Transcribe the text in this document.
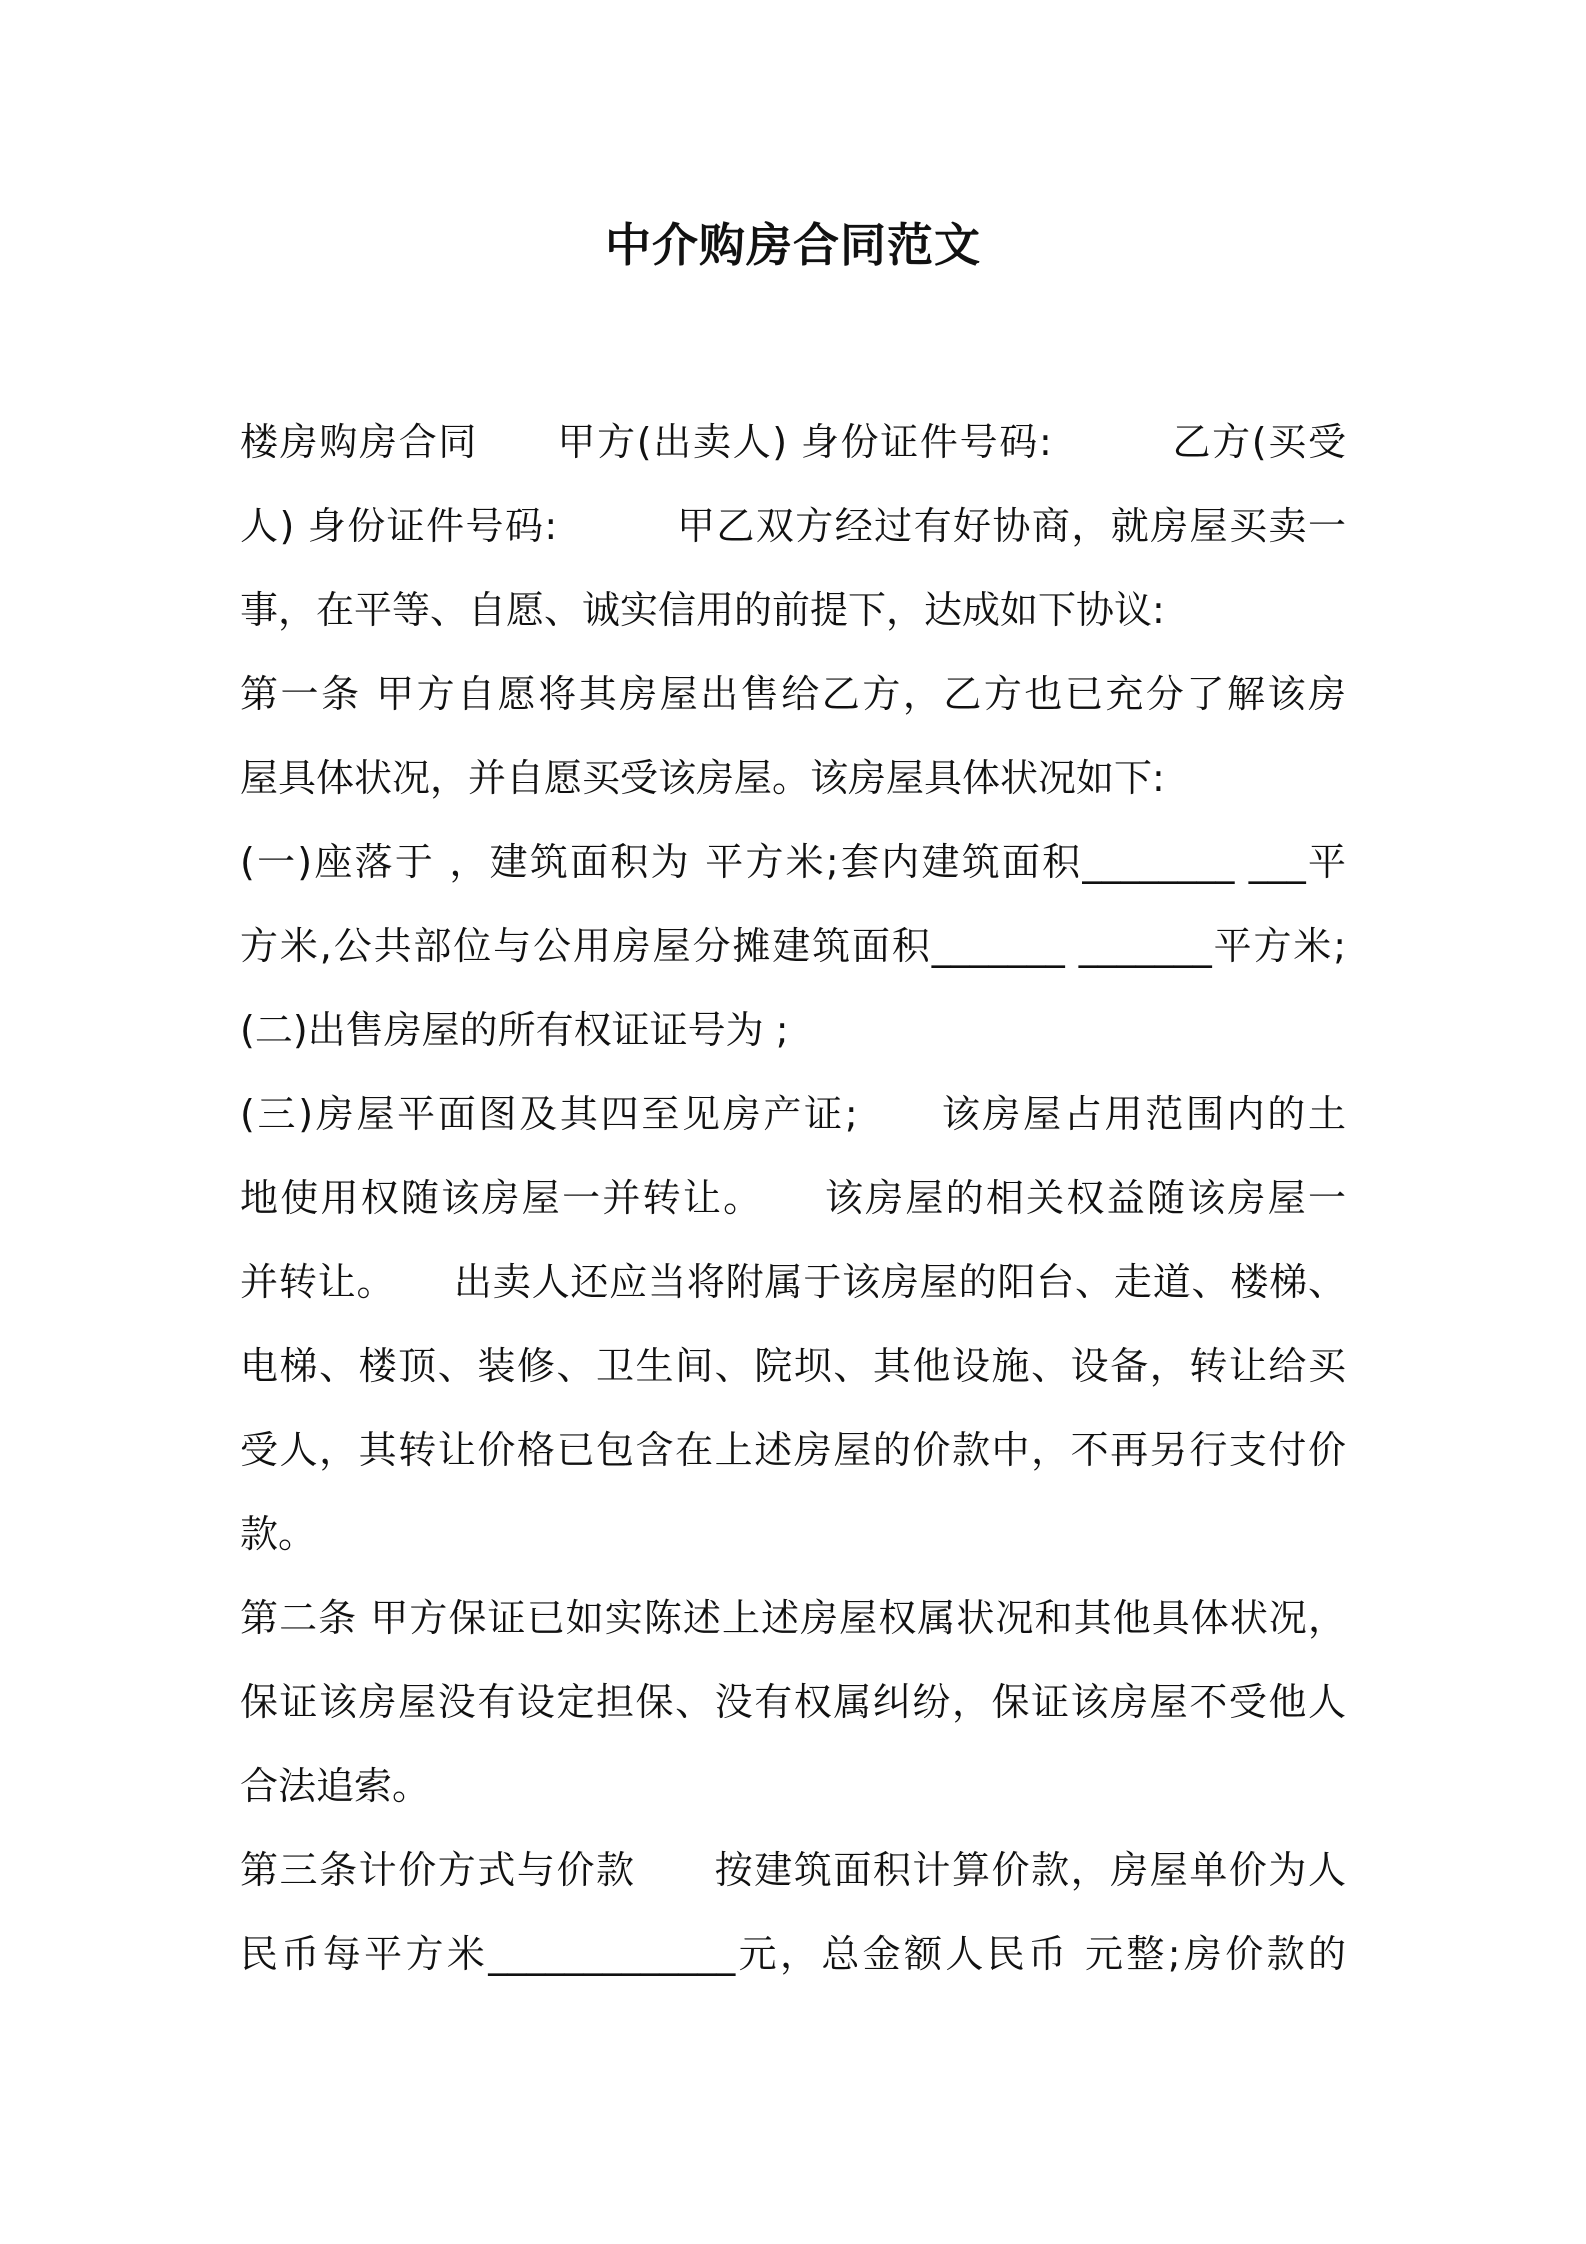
中介购房合同范文
楼房购房合同　　甲方(出卖人) 身份证件号码:　　　乙方(买受
人) 身份证件号码:　　　甲乙双方经过有好协商，就房屋买卖一
事，在平等、自愿、诚实信用的前提下，达成如下协议:
第一条 甲方自愿将其房屋出售给乙方，乙方也已充分了解该房
屋具体状况，并自愿买受该房屋。该房屋具体状况如下:
(一)座落于 ，建筑面积为 平方米;套内建筑面积________ ___平
方米,公共部位与公用房屋分摊建筑面积_______ _______平方米;
(二)出售房屋的所有权证证号为 ;
(三)房屋平面图及其四至见房产证;　　该房屋占用范围内的土
地使用权随该房屋一并转让。　　该房屋的相关权益随该房屋一
并转让。　　出卖人还应当将附属于该房屋的阳台、走道、楼梯、
电梯、楼顶、装修、卫生间、院坝、其他设施、设备，转让给买
受人，其转让价格已包含在上述房屋的价款中，不再另行支付价
款。
第二条 甲方保证已如实陈述上述房屋权属状况和其他具体状况，
保证该房屋没有设定担保、没有权属纠纷，保证该房屋不受他人
合法追索。
第三条计价方式与价款　　按建筑面积计算价款，房屋单价为人
民币每平方米_____________元，总金额人民币 元整;房价款的
